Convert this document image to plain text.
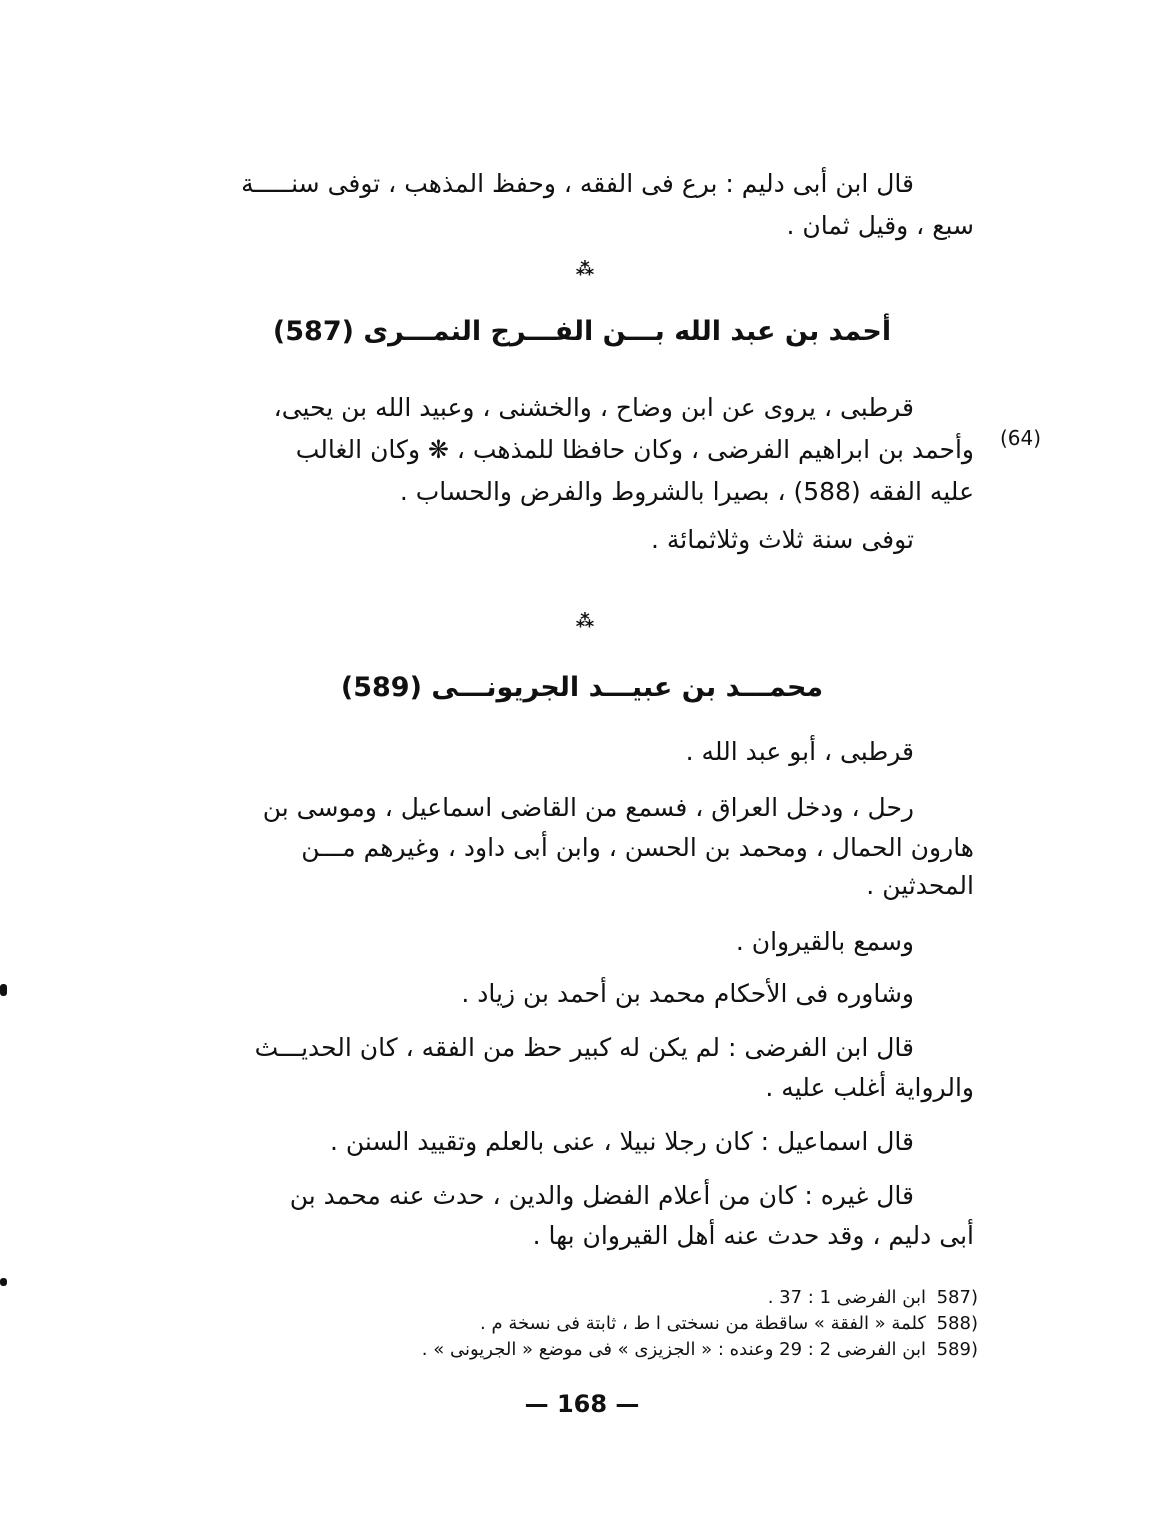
قال ابن أبى دليم : برع فى الفقه ، وحفظ المذهب ، توفى سنـــــة

سبع ، وقيل ثمان .

⁂
أحمد بن عبد الله بـــن الفـــرج النمـــرى (587)
(64)

قرطبى ، يروى عن ابن وضاح ، والخشنى ، وعبيد الله بن يحيى،

وأحمد بن ابراهيم الفرضى ، وكان حافظا للمذهب ، ❋ وكان الغالب

عليه الفقه (588) ، بصيرا بالشروط والفرض والحساب .

توفى سنة ثلاث وثلاثمائة .

⁂
محمـــد بن عبيـــد الجريونـــى (589)

قرطبى ، أبو عبد الله .

رحل ، ودخل العراق ، فسمع من القاضى اسماعيل ، وموسى بن

هارون الحمال ، ومحمد بن الحسن ، وابن أبى داود ، وغيرهم مـــن

المحدثين .

وسمع بالقيروان .

وشاوره فى الأحكام محمد بن أحمد بن زياد .

قال ابن الفرضى : لم يكن له كبير حظ من الفقه ، كان الحديـــث

والرواية أغلب عليه .

قال اسماعيل : كان رجلا نبيلا ، عنى بالعلم وتقييد السنن .

قال غيره : كان من أعلام الفضل والدين ، حدث عنه محمد بن

أبى دليم ، وقد حدث عنه أهل القيروان بها .

587)ابن الفرضى 1 : 37 .
588)كلمة « الفقة » ساقطة من نسختى ا ط ، ثابتة فى نسخة م .
589)ابن الفرضى 2 : 29 وعنده : « الجزيزى » فى موضع « الجريونى » .
— 168 —
